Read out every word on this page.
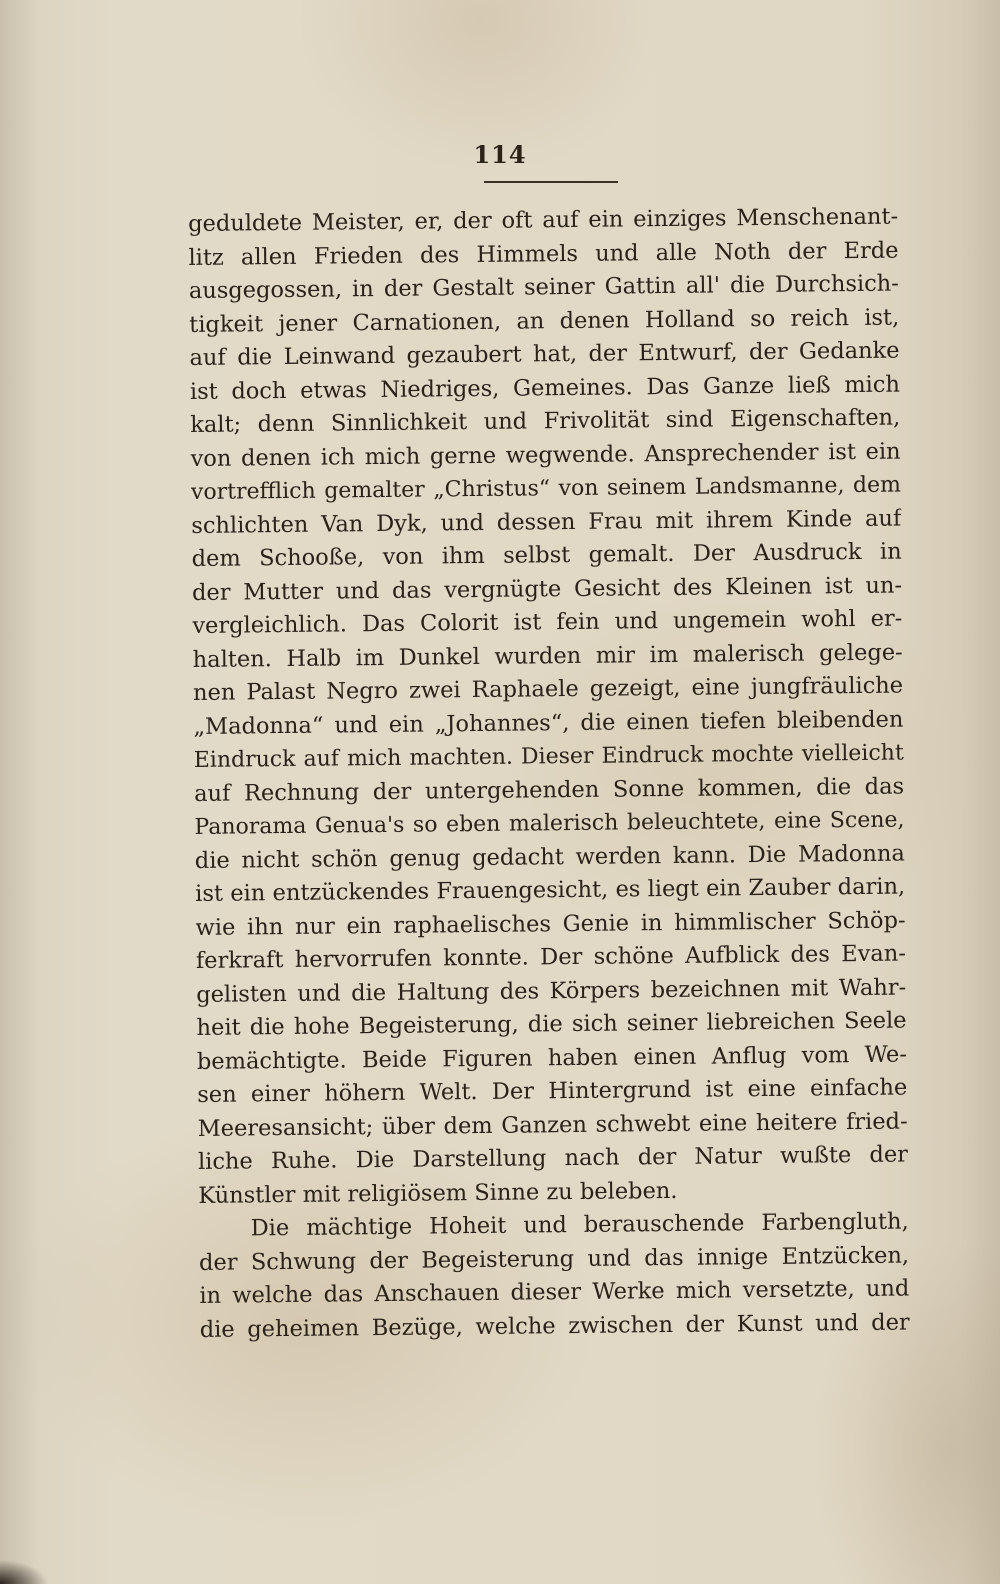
114
geduldete Meister, er, der oft auf ein einziges Menschenant-
litz allen Frieden des Himmels und alle Noth der Erde
ausgegossen, in der Gestalt seiner Gattin all' die Durchsich-
tigkeit jener Carnationen, an denen Holland so reich ist,
auf die Leinwand gezaubert hat, der Entwurf, der Gedanke
ist doch etwas Niedriges, Gemeines. Das Ganze ließ mich
kalt; denn Sinnlichkeit und Frivolität sind Eigenschaften,
von denen ich mich gerne wegwende. Ansprechender ist ein
vortrefflich gemalter „Christus“ von seinem Landsmanne, dem
schlichten Van Dyk, und dessen Frau mit ihrem Kinde auf
dem Schooße, von ihm selbst gemalt. Der Ausdruck in
der Mutter und das vergnügte Gesicht des Kleinen ist un-
vergleichlich. Das Colorit ist fein und ungemein wohl er-
halten. Halb im Dunkel wurden mir im malerisch gelege-
nen Palast Negro zwei Raphaele gezeigt, eine jungfräuliche
„Madonna“ und ein „Johannes“, die einen tiefen bleibenden
Eindruck auf mich machten. Dieser Eindruck mochte vielleicht
auf Rechnung der untergehenden Sonne kommen, die das
Panorama Genua's so eben malerisch beleuchtete, eine Scene,
die nicht schön genug gedacht werden kann. Die Madonna
ist ein entzückendes Frauengesicht, es liegt ein Zauber darin,
wie ihn nur ein raphaelisches Genie in himmlischer Schöp-
ferkraft hervorrufen konnte. Der schöne Aufblick des Evan-
gelisten und die Haltung des Körpers bezeichnen mit Wahr-
heit die hohe Begeisterung, die sich seiner liebreichen Seele
bemächtigte. Beide Figuren haben einen Anflug vom We-
sen einer höhern Welt. Der Hintergrund ist eine einfache
Meeresansicht; über dem Ganzen schwebt eine heitere fried-
liche Ruhe. Die Darstellung nach der Natur wußte der
Künstler mit religiösem Sinne zu beleben.
Die mächtige Hoheit und berauschende Farbengluth,
der Schwung der Begeisterung und das innige Entzücken,
in welche das Anschauen dieser Werke mich versetzte, und
die geheimen Bezüge, welche zwischen der Kunst und der
